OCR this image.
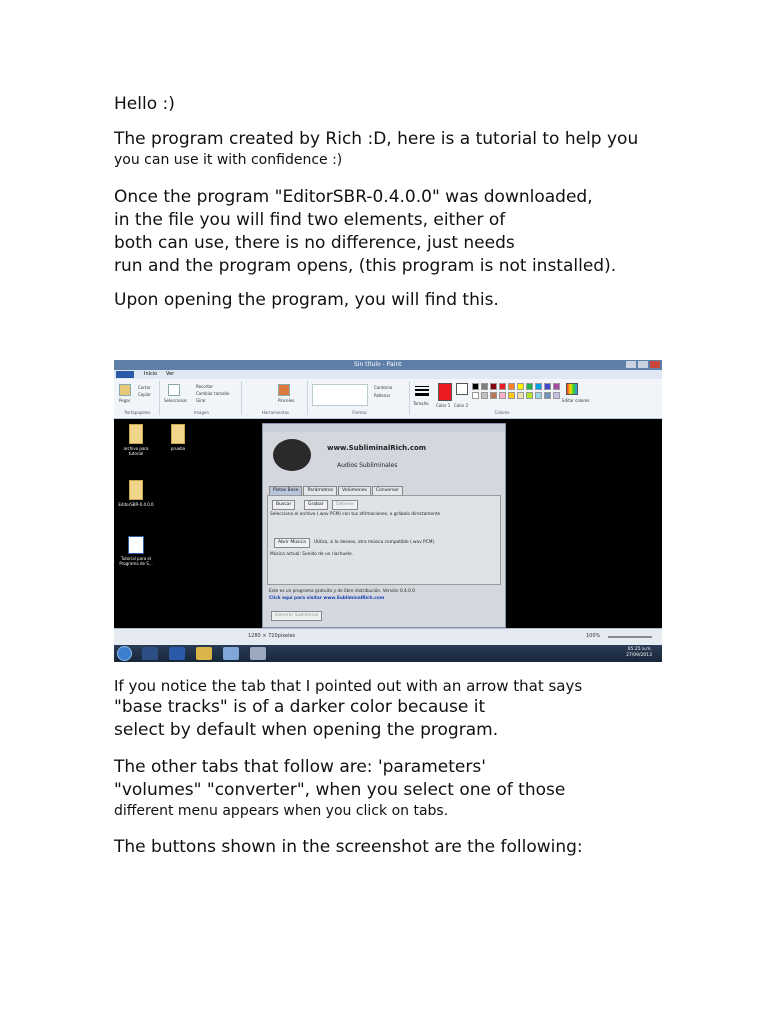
Hello :)

The program created by Rich :D, here is a tutorial to help you
you can use it with confidence :)

Once the program "EditorSBR-0.4.0.0" was downloaded,
in the file you will find two elements, either of
both can use, there is no difference, just needs
run and the program opens, (this program is not installed).

Upon opening the program, you will find this.

Sin título - Paint
Inicio	Ver
Pegar
Cortar
Copiar
Portapapeles
Seleccionar
Recortar
Cambiar tamaño
Girar
Imagen
Pinceles
Herramientas
Contorno
Rellenar
Formas
Tamaño Color 1 Color 2
Editar colores
Colores
archivo para tutorial
prueba
EditorSBR-0.4.0.0
Tutorial para el Programa de S...
www.SubliminalRich.com
Audios Subliminales
Pistas Base	Parámetros	Volúmenes	Conversor
Buscar	Grabar	Detener
Selecciona el archivo (.wav PCM) con tus afirmaciones, o grábalo directamente
Abrir Música	Utiliza, si lo deseas, otra música compatible (.wav PCM).
Música actual: Sonido de un riachuelo.
Este es un programa gratuito y de libre distribución. Versión 0.4.0.0
Click aquí para visitar www.SubliminalRich.com
Generar Subliminal
1280 × 720píxeles	100%
05:25 a.m.
27/09/2013

If you notice the tab that I pointed out with an arrow that says
"base tracks" is of a darker color because it
select by default when opening the program.

The other tabs that follow are: 'parameters'
"volumes" "converter", when you select one of those
different menu appears when you click on tabs.

The buttons shown in the screenshot are the following:
